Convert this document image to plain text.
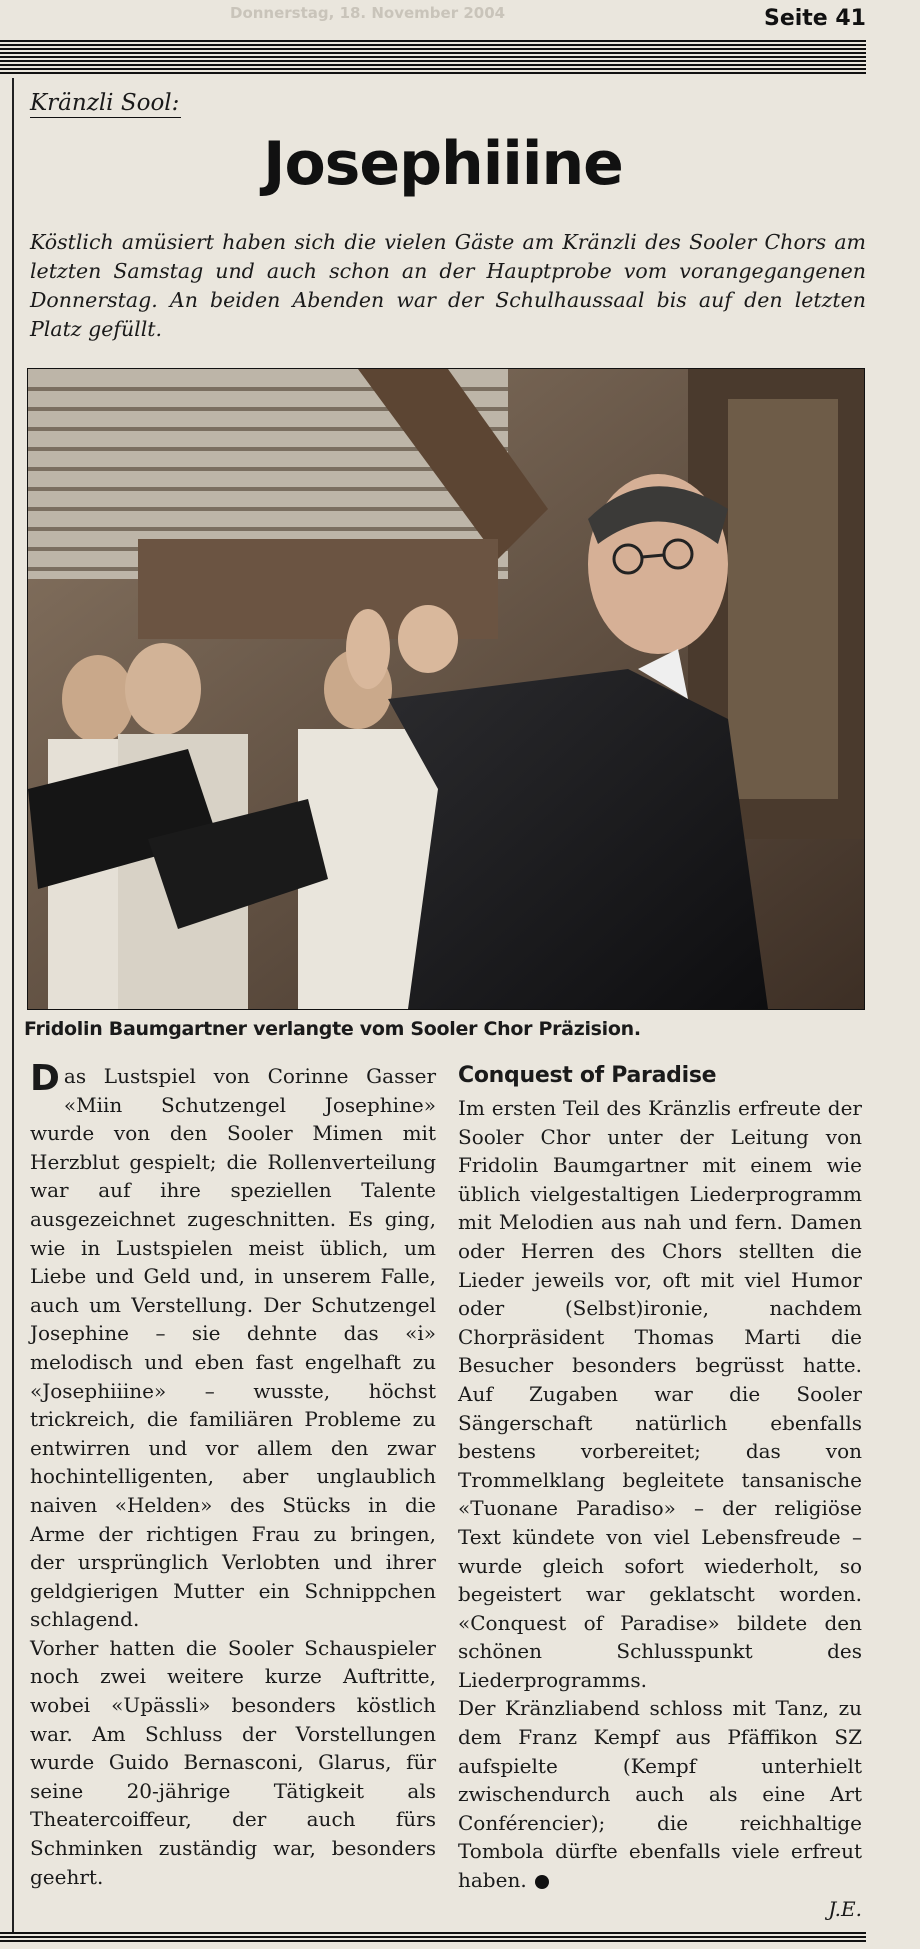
Donnerstag, 18. November 2004	Seite 41
Kränzli Sool:
Josephiiine
Köstlich amüsiert haben sich die vielen Gäste am Kränzli des Sooler Chors am letzten Samstag und auch schon an der Hauptprobe vom vorangegangenen Donnerstag. An beiden Abenden war der Schulhaussaal bis auf den letzten Platz gefüllt.
Fridolin Baumgartner verlangte vom Sooler Chor Präzision.

Das Lustspiel von Corinne Gasser «Miin Schutzengel Josephine» wurde von den Sooler Mimen mit Herzblut gespielt; die Rollenverteilung war auf ihre speziellen Talente ausgezeichnet zugeschnitten. Es ging, wie in Lustspielen meist üblich, um Liebe und Geld und, in unserem Falle, auch um Verstellung. Der Schutzengel Josephine – sie dehnte das «i» melodisch und eben fast engelhaft zu «Josephiiine» – wusste, höchst trickreich, die familiären Probleme zu entwirren und vor allem den zwar hochintelligenten, aber unglaublich naiven «Helden» des Stücks in die Arme der richtigen Frau zu bringen, der ursprünglich Verlobten und ihrer geldgierigen Mutter ein Schnippchen schlagend.

Vorher hatten die Sooler Schauspieler noch zwei weitere kurze Auftritte, wobei «Upässli» besonders köstlich war. Am Schluss der Vorstellungen wurde Guido Bernasconi, Glarus, für seine 20-jährige Tätigkeit als Theatercoiffeur, der auch fürs Schminken zuständig war, besonders geehrt.

Conquest of Paradise

Im ersten Teil des Kränzlis erfreute der Sooler Chor unter der Leitung von Fridolin Baumgartner mit einem wie üblich vielgestaltigen Liederprogramm mit Melodien aus nah und fern. Damen oder Herren des Chors stellten die Lieder jeweils vor, oft mit viel Humor oder (Selbst)ironie, nachdem Chorpräsident Thomas Marti die Besucher besonders begrüsst hatte. Auf Zugaben war die Sooler Sängerschaft natürlich ebenfalls bestens vorbereitet; das von Trommelklang begleitete tansanische «Tuonane Paradiso» – der religiöse Text kündete von viel Lebensfreude – wurde gleich sofort wiederholt, so begeistert war geklatscht worden. «Conquest of Paradise» bildete den schönen Schlusspunkt des Liederprogramms.

Der Kränzliabend schloss mit Tanz, zu dem Franz Kempf aus Pfäffikon SZ aufspielte (Kempf unterhielt zwischendurch auch als eine Art Conférencier); die reichhaltige Tombola dürfte ebenfalls viele erfreut haben.

J.E.
